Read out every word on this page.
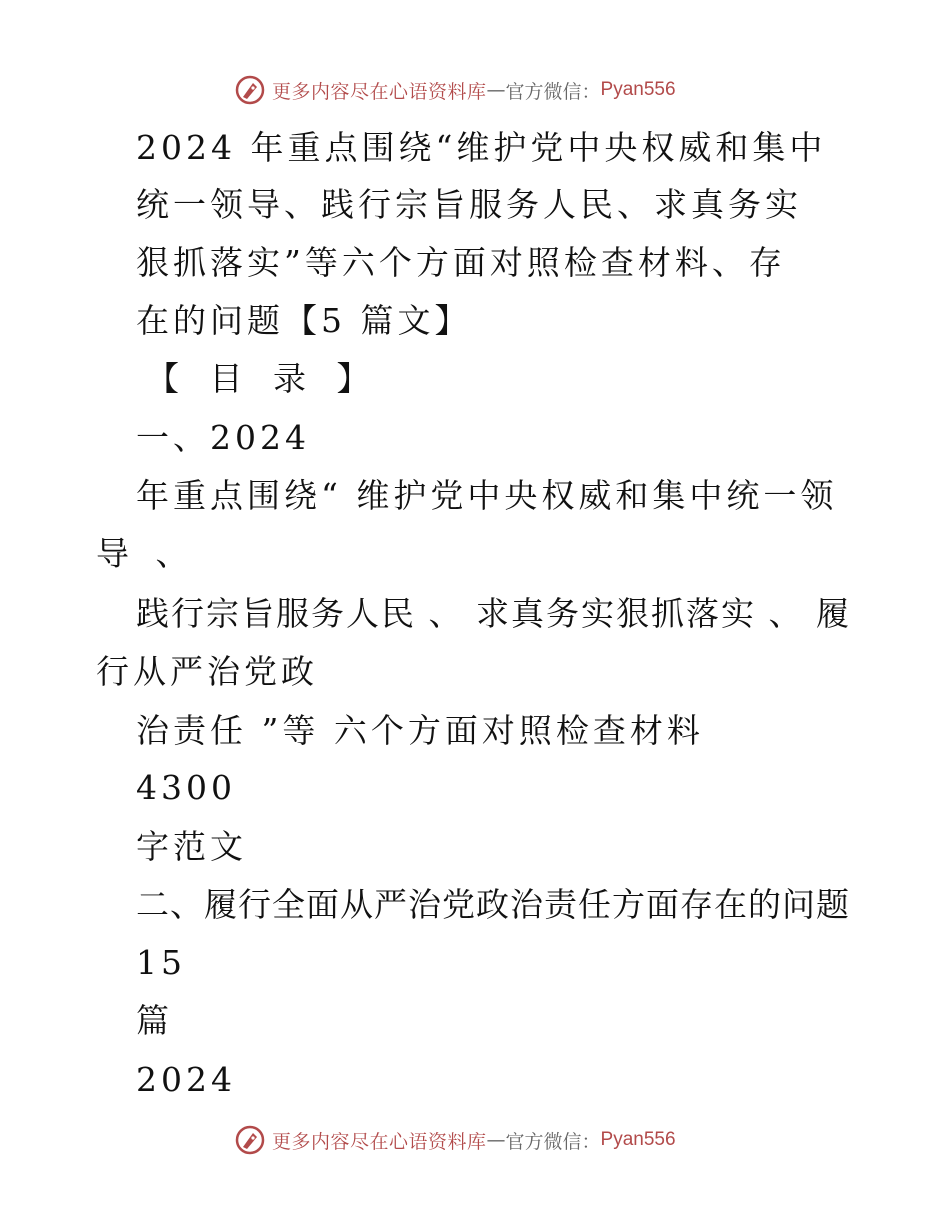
更多内容尽在心语资料库 — 官方微信： Pyan556
2024 年重点围绕“维护党中央权威和集中
统一领导、践行宗旨服务人民、求真务实
狠抓落实”等六个方面对照检查材料、存
在的问题【5 篇文】
【 目 录 】
一、2024
年重点围绕“ 维护党中央权威和集中统一领
导 、
践行宗旨服务人民 、 求真务实狠抓落实 、 履
行从严治党政
治责任 ”等 六个方面对照检查材料
4300
字范文
二、履行全面从严治党政治责任方面存在的问题
15
篇
2024
更多内容尽在心语资料库 — 官方微信： Pyan556
